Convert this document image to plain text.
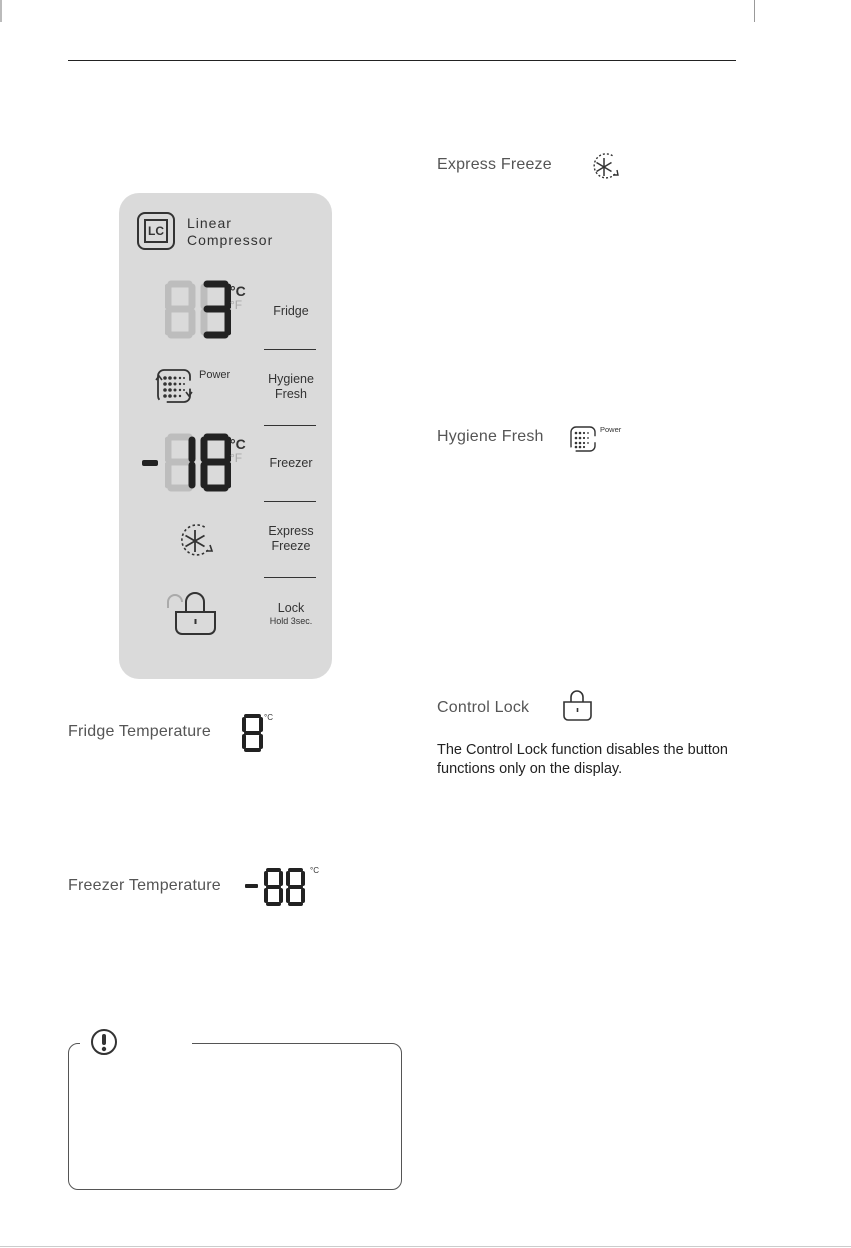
LC Linear
Compressor
°C
°F	Fridge
Power	Hygiene
Fresh
°C
°F	Freezer
Express
Freeze
Lock
Hold 3sec.
Fridge Temperature
°C
Freezer Temperature
°C
Express Freeze
Hygiene Fresh	Power
Control Lock
The Control Lock function disables the button
functions only on the display.
